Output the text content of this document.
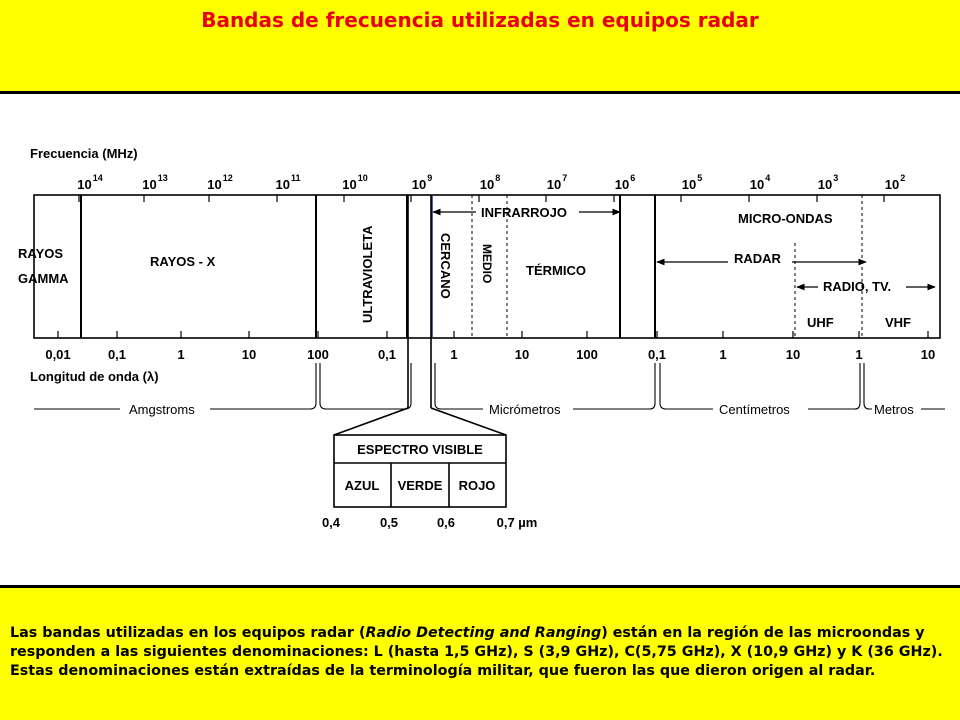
Bandas de frecuencia utilizadas en equipos radar
Frecuencia (MHz)
$10^{14}$	$10^{13}$	$10^{12}$	$10^{11}$	$10^{10}$	$10^9$	$10^8$	$10^7$	$10^6$	$10^5$	$10^4$	$10^3$	$10^2$
RAYOS
GAMMA
RAYOS - X	ULTRAVIOLETA
INFRARROJO
CERCANO MEDIO TÉRMICO
MICRO-ONDAS
RADAR
RADIO, TV.
UHF	VHF
0,01	0,1	1	10	100	0,1	1	10	100	0,1	1	10	1	10
Longitud de onda (λ)
Amgstroms	Micrómetros	Centímetros	Metros
ESPECTRO VISIBLE
AZUL VERDE ROJO
0,4	0,5	0,6	0,7 µm
Las bandas utilizadas en los equipos radar (Radio Detecting and Ranging) están en la región de las microondas y responden a las siguientes denominaciones: L (hasta 1,5 GHz), S (3,9 GHz), C(5,75 GHz), X (10,9 GHz) y K (36 GHz). Estas denominaciones están extraídas de la terminología militar, que fueron las que dieron origen al radar.
